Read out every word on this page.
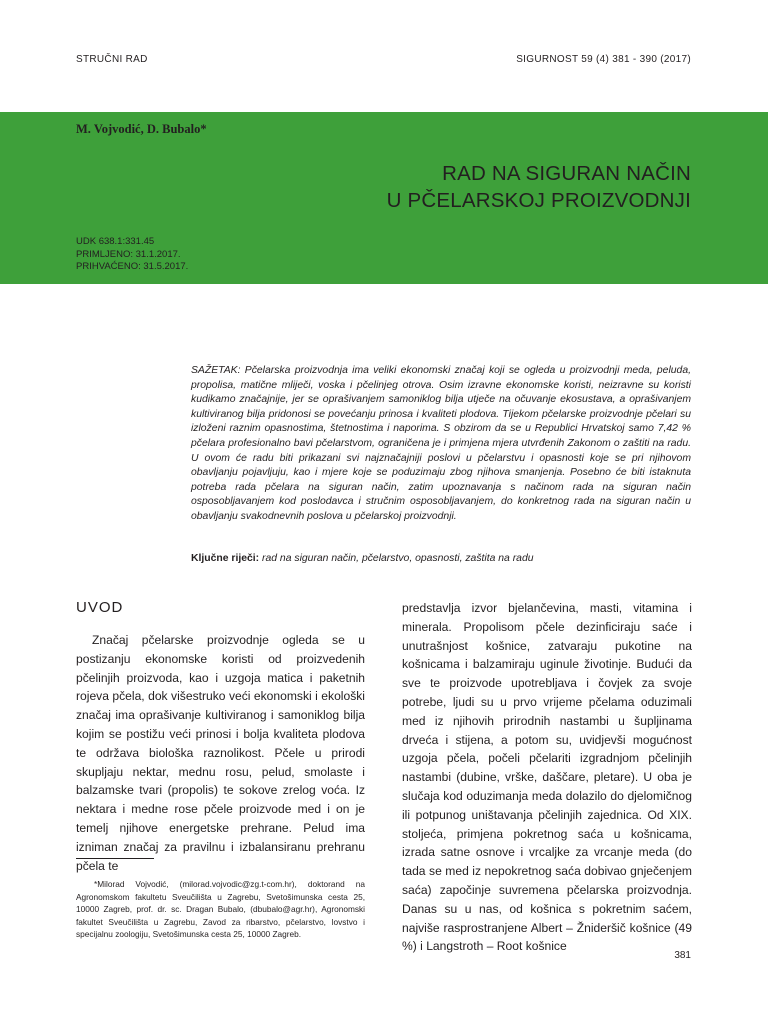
STRUČNI RAD	SIGURNOST 59 (4) 381 - 390 (2017)
M. Vojvodić, D. Bubalo*
RAD NA SIGURAN NAČIN
U PČELARSKOJ PROIZVODNJI
UDK 638.1:331.45
PRIMLJENO: 31.1.2017.
PRIHVAĆENO: 31.5.2017.
SAŽETAK: Pčelarska proizvodnja ima veliki ekonomski značaj koji se ogleda u proizvodnji meda, peluda, propolisa, matične mliječi, voska i pčelinjeg otrova. Osim izravne ekonomske koristi, neizravne su koristi kudikamo značajnije, jer se oprašivanjem samoniklog bilja utječe na očuvanje ekosustava, a oprašivanjem kultiviranog bilja pridonosi se povećanju prinosa i kvaliteti plodova. Tijekom pčelarske proizvodnje pčelari su izloženi raznim opasnostima, štetnostima i naporima. S obzirom da se u Republici Hrvatskoj samo 7,42 % pčelara profesionalno bavi pčelarstvom, ograničena je i primjena mjera utvrđenih Zakonom o zaštiti na radu. U ovom će radu biti prikazani svi najznačajniji poslovi u pčelarstvu i opasnosti koje se pri njihovom obavljanju pojavljuju, kao i mjere koje se poduzimaju zbog njihova smanjenja. Posebno će biti istaknuta potreba rada pčelara na siguran način, zatim upoznavanja s načinom rada na siguran način osposobljavanjem kod poslodavca i stručnim osposobljavanjem, do konkretnog rada na siguran način u obavljanju svakodnevnih poslova u pčelarskoj proizvodnji.
Ključne riječi: rad na siguran način, pčelarstvo, opasnosti, zaštita na radu
UVOD
Značaj pčelarske proizvodnje ogleda se u postizanju ekonomske koristi od proizvedenih pčelinjih proizvoda, kao i uzgoja matica i paketnih rojeva pčela, dok višestruko veći ekonomski i ekološki značaj ima oprašivanje kultiviranog i samoniklog bilja kojim se postižu veći prinosi i bolja kvaliteta plodova te održava biološka raznolikost. Pčele u prirodi skupljaju nektar, mednu rosu, pelud, smolaste i balzamske tvari (propolis) te sokove zrelog voća. Iz nektara i medne rose pčele proizvode med i on je temelj njihove energetske prehrane. Pelud ima izniman značaj za pravilnu i izbalansiranu prehranu pčela te
predstavlja izvor bjelančevina, masti, vitamina i minerala. Propolisom pčele dezinficiraju saće i unutrašnjost košnice, zatvaraju pukotine na košnicama i balzamiraju uginule životinje. Budući da sve te proizvode upotrebljava i čovjek za svoje potrebe, ljudi su u prvo vrijeme pčelama oduzimali med iz njihovih prirodnih nastambi u šupljinama drveća i stijena, a potom su, uvidjevši mogućnost uzgoja pčela, počeli pčelariti izgradnjom pčelinjih nastambi (dubine, vrške, daščare, pletare). U oba je slučaja kod oduzimanja meda dolazilo do djelomičnog ili potpunog uništavanja pčelinjih zajednica. Od XIX. stoljeća, primjena pokretnog saća u košnicama, izrada satne osnove i vrcaljke za vrcanje meda (do tada se med iz nepokretnog saća dobivao gnječenjem saća) započinje suvremena pčelarska proizvodnja. Danas su u nas, od košnica s pokretnim saćem, najviše rasprostranjene Albert – Žnideršič košnice (49 %) i Langstroth – Root košnice
*Milorad Vojvodić, (milorad.vojvodic@zg.t-com.hr), doktorand na Agronomskom fakultetu Sveučilišta u Zagrebu, Svetošimunska cesta 25, 10000 Zagreb, prof. dr. sc. Dragan Bubalo, (dbubalo@agr.hr), Agronomski fakultet Sveučilišta u Zagrebu, Zavod za ribarstvo, pčelarstvo, lovstvo i specijalnu zoologiju, Svetošimunska cesta 25, 10000 Zagreb.
381
